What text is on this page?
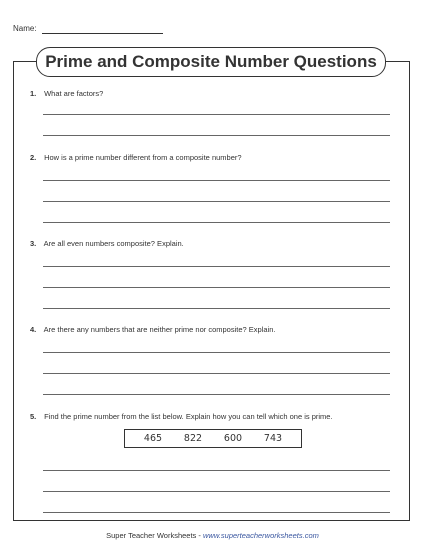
Name:
Prime and Composite Number Questions
1. What are factors?
2. How is a prime number different from a composite number?
3. Are all even numbers composite? Explain.
4. Are there any numbers that are neither prime nor composite? Explain.
5. Find the prime number from the list below. Explain how you can tell which one is prime.
465 822 600 743
Super Teacher Worksheets - www.superteacherworksheets.com
